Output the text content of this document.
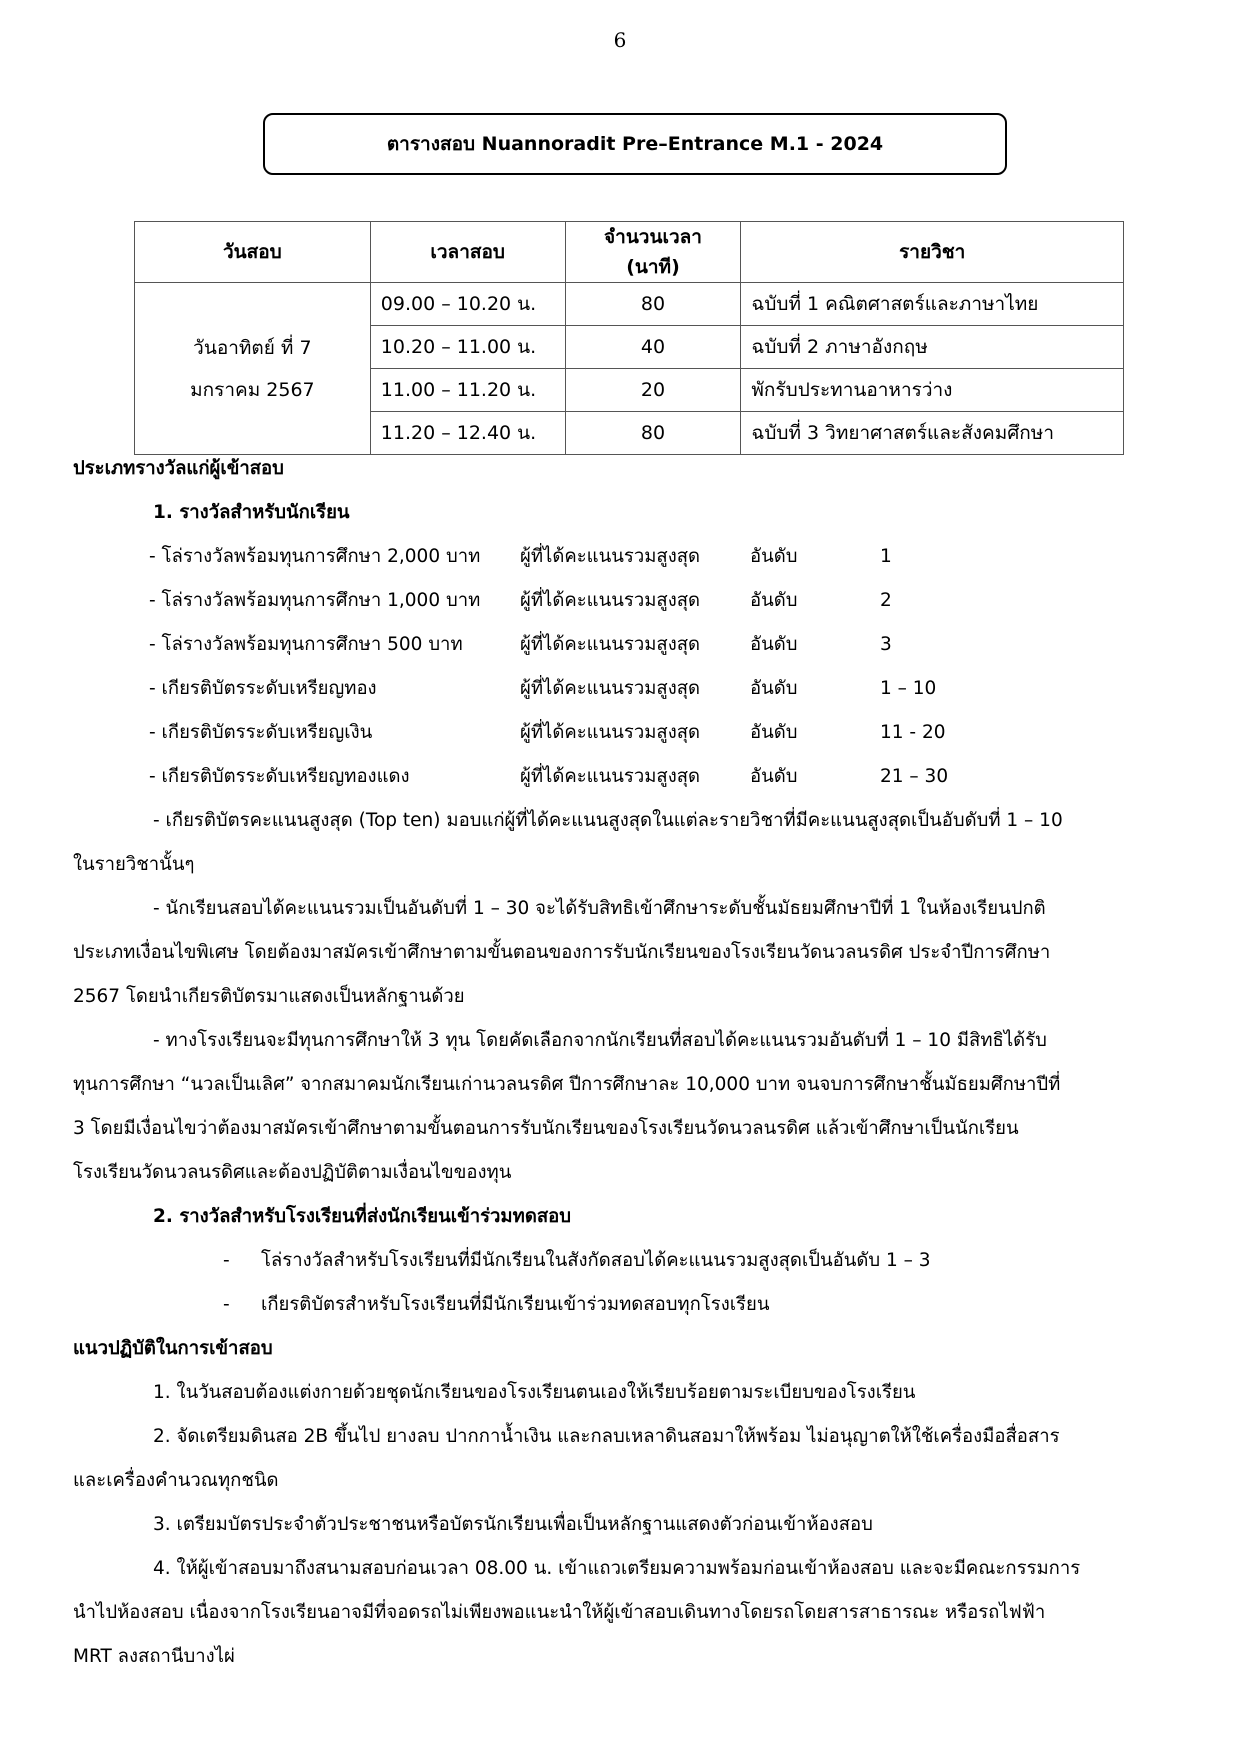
6
ตารางสอบ Nuannoradit Pre–Entrance M.1 - 2024
วันสอบ	เวลาสอบ	จำนวนเวลา (นาที)	รายวิชา

วันอาทิตย์ ที่ 7
มกราคม 2567	09.00 – 10.20 น.	80	ฉบับที่ 1 คณิตศาสตร์และภาษาไทย
	10.20 – 11.00 น.	40	ฉบับที่ 2 ภาษาอังกฤษ
	11.00 – 11.20 น.	20	พักรับประทานอาหารว่าง
	11.20 – 12.40 น.	80	ฉบับที่ 3 วิทยาศาสตร์และสังคมศึกษา
ประเภทรางวัลแก่ผู้เข้าสอบ
1. รางวัลสำหรับนักเรียน
- โล่รางวัลพร้อมทุนการศึกษา 2,000 บาท	ผู้ที่ได้คะแนนรวมสูงสุด	อันดับ	1
- โล่รางวัลพร้อมทุนการศึกษา 1,000 บาท	ผู้ที่ได้คะแนนรวมสูงสุด	อันดับ	2
- โล่รางวัลพร้อมทุนการศึกษา 500 บาท	ผู้ที่ได้คะแนนรวมสูงสุด	อันดับ	3
- เกียรติบัตรระดับเหรียญทอง	ผู้ที่ได้คะแนนรวมสูงสุด	อันดับ	1 – 10
- เกียรติบัตรระดับเหรียญเงิน	ผู้ที่ได้คะแนนรวมสูงสุด	อันดับ	11 - 20
- เกียรติบัตรระดับเหรียญทองแดง	ผู้ที่ได้คะแนนรวมสูงสุด	อันดับ	21 – 30
- เกียรติบัตรคะแนนสูงสุด (Top ten) มอบแก่ผู้ที่ได้คะแนนสูงสุดในแต่ละรายวิชาที่มีคะแนนสูงสุดเป็นอับดับที่ 1 – 10
ในรายวิชานั้นๆ
- นักเรียนสอบได้คะแนนรวมเป็นอันดับที่ 1 – 30 จะได้รับสิทธิเข้าศึกษาระดับชั้นมัธยมศึกษาปีที่ 1 ในห้องเรียนปกติ
ประเภทเงื่อนไขพิเศษ โดยต้องมาสมัครเข้าศึกษาตามขั้นตอนของการรับนักเรียนของโรงเรียนวัดนวลนรดิศ ประจำปีการศึกษา
2567 โดยนำเกียรติบัตรมาแสดงเป็นหลักฐานด้วย
- ทางโรงเรียนจะมีทุนการศึกษาให้ 3 ทุน โดยคัดเลือกจากนักเรียนที่สอบได้คะแนนรวมอันดับที่ 1 – 10 มีสิทธิได้รับ
ทุนการศึกษา “นวลเป็นเลิศ” จากสมาคมนักเรียนเก่านวลนรดิศ ปีการศึกษาละ 10,000 บาท จนจบการศึกษาชั้นมัธยมศึกษาปีที่
3 โดยมีเงื่อนไขว่าต้องมาสมัครเข้าศึกษาตามขั้นตอนการรับนักเรียนของโรงเรียนวัดนวลนรดิศ แล้วเข้าศึกษาเป็นนักเรียน
โรงเรียนวัดนวลนรดิศและต้องปฏิบัติตามเงื่อนไขของทุน
2. รางวัลสำหรับโรงเรียนที่ส่งนักเรียนเข้าร่วมทดสอบ
-	โล่รางวัลสำหรับโรงเรียนที่มีนักเรียนในสังกัดสอบได้คะแนนรวมสูงสุดเป็นอันดับ 1 – 3
-	เกียรติบัตรสำหรับโรงเรียนที่มีนักเรียนเข้าร่วมทดสอบทุกโรงเรียน
แนวปฏิบัติในการเข้าสอบ
1. ในวันสอบต้องแต่งกายด้วยชุดนักเรียนของโรงเรียนตนเองให้เรียบร้อยตามระเบียบของโรงเรียน
2. จัดเตรียมดินสอ 2B ขึ้นไป ยางลบ ปากกาน้ำเงิน และกลบเหลาดินสอมาให้พร้อม ไม่อนุญาตให้ใช้เครื่องมือสื่อสาร
และเครื่องคำนวณทุกชนิด
3. เตรียมบัตรประจำตัวประชาชนหรือบัตรนักเรียนเพื่อเป็นหลักฐานแสดงตัวก่อนเข้าห้องสอบ
4. ให้ผู้เข้าสอบมาถึงสนามสอบก่อนเวลา 08.00 น. เข้าแถวเตรียมความพร้อมก่อนเข้าห้องสอบ และจะมีคณะกรรมการ
นำไปห้องสอบ เนื่องจากโรงเรียนอาจมีที่จอดรถไม่เพียงพอแนะนำให้ผู้เข้าสอบเดินทางโดยรถโดยสารสาธารณะ หรือรถไฟฟ้า
MRT ลงสถานีบางไผ่
